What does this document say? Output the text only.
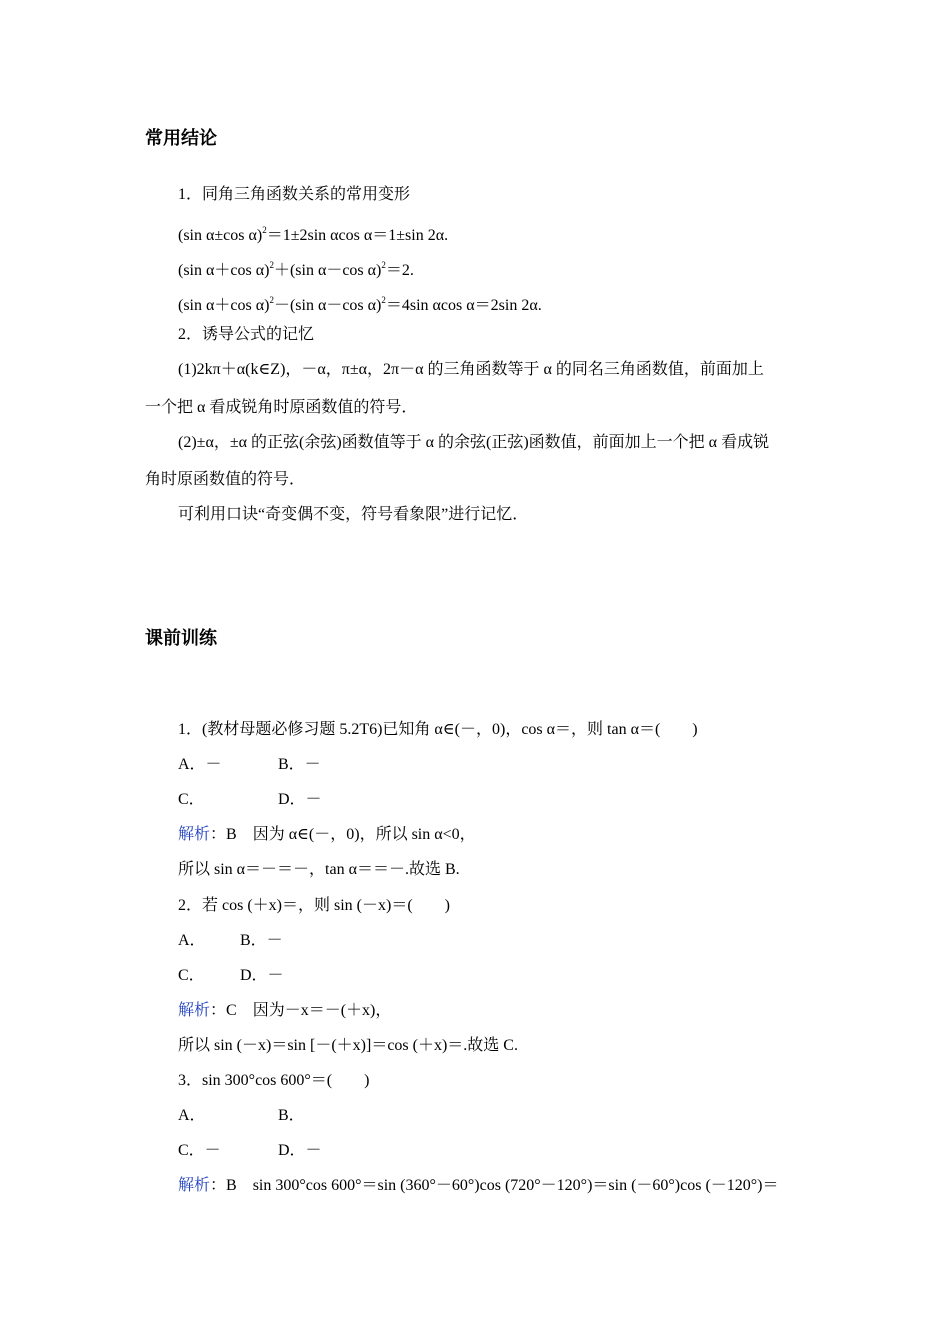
常用结论
1．同角三角函数关系的常用变形
(sin α±cos α)$^2$＝1±2sin αcos α＝1±sin 2α.
(sin α＋cos α)$^2$＋(sin α－cos α)$^2$＝2.
(sin α＋cos α)$^2$－(sin α－cos α)$^2$＝4sin αcos α＝2sin 2α.
2．诱导公式的记忆
(1)2kπ＋α(k∈Z)，－α，π±α，2π－α 的三角函数等于 α 的同名三角函数值，前面加上
一个把 α 看成锐角时原函数值的符号．
(2)±α，±α 的正弦(余弦)函数值等于 α 的余弦(正弦)函数值，前面加上一个把 α 看成锐
角时原函数值的符号．
可利用口诀“奇变偶不变，符号看象限”进行记忆．
课前训练
1．(教材母题必修习题 5.2T6)已知角 α∈(－，0)，cos α＝，则 tan α＝(　　)
A．－	B．－
C．	D．－
解析：B　因为 α∈(－，0)，所以 sin α<0，
所以 sin α＝－＝－，tan α＝＝－.故选 B.
2．若 cos (＋x)＝，则 sin (－x)＝(　　)
A． B．－
C． D．－
解析：C　因为－x＝－(＋x)，
所以 sin (－x)＝sin [－(＋x)]＝cos (＋x)＝.故选 C.
3．sin 300°cos 600°＝(　　)
A．	B．
C．－	D．－
解析：B　sin 300°cos 600°＝sin (360°－60°)cos (720°－120°)＝sin (－60°)cos (－120°)＝
